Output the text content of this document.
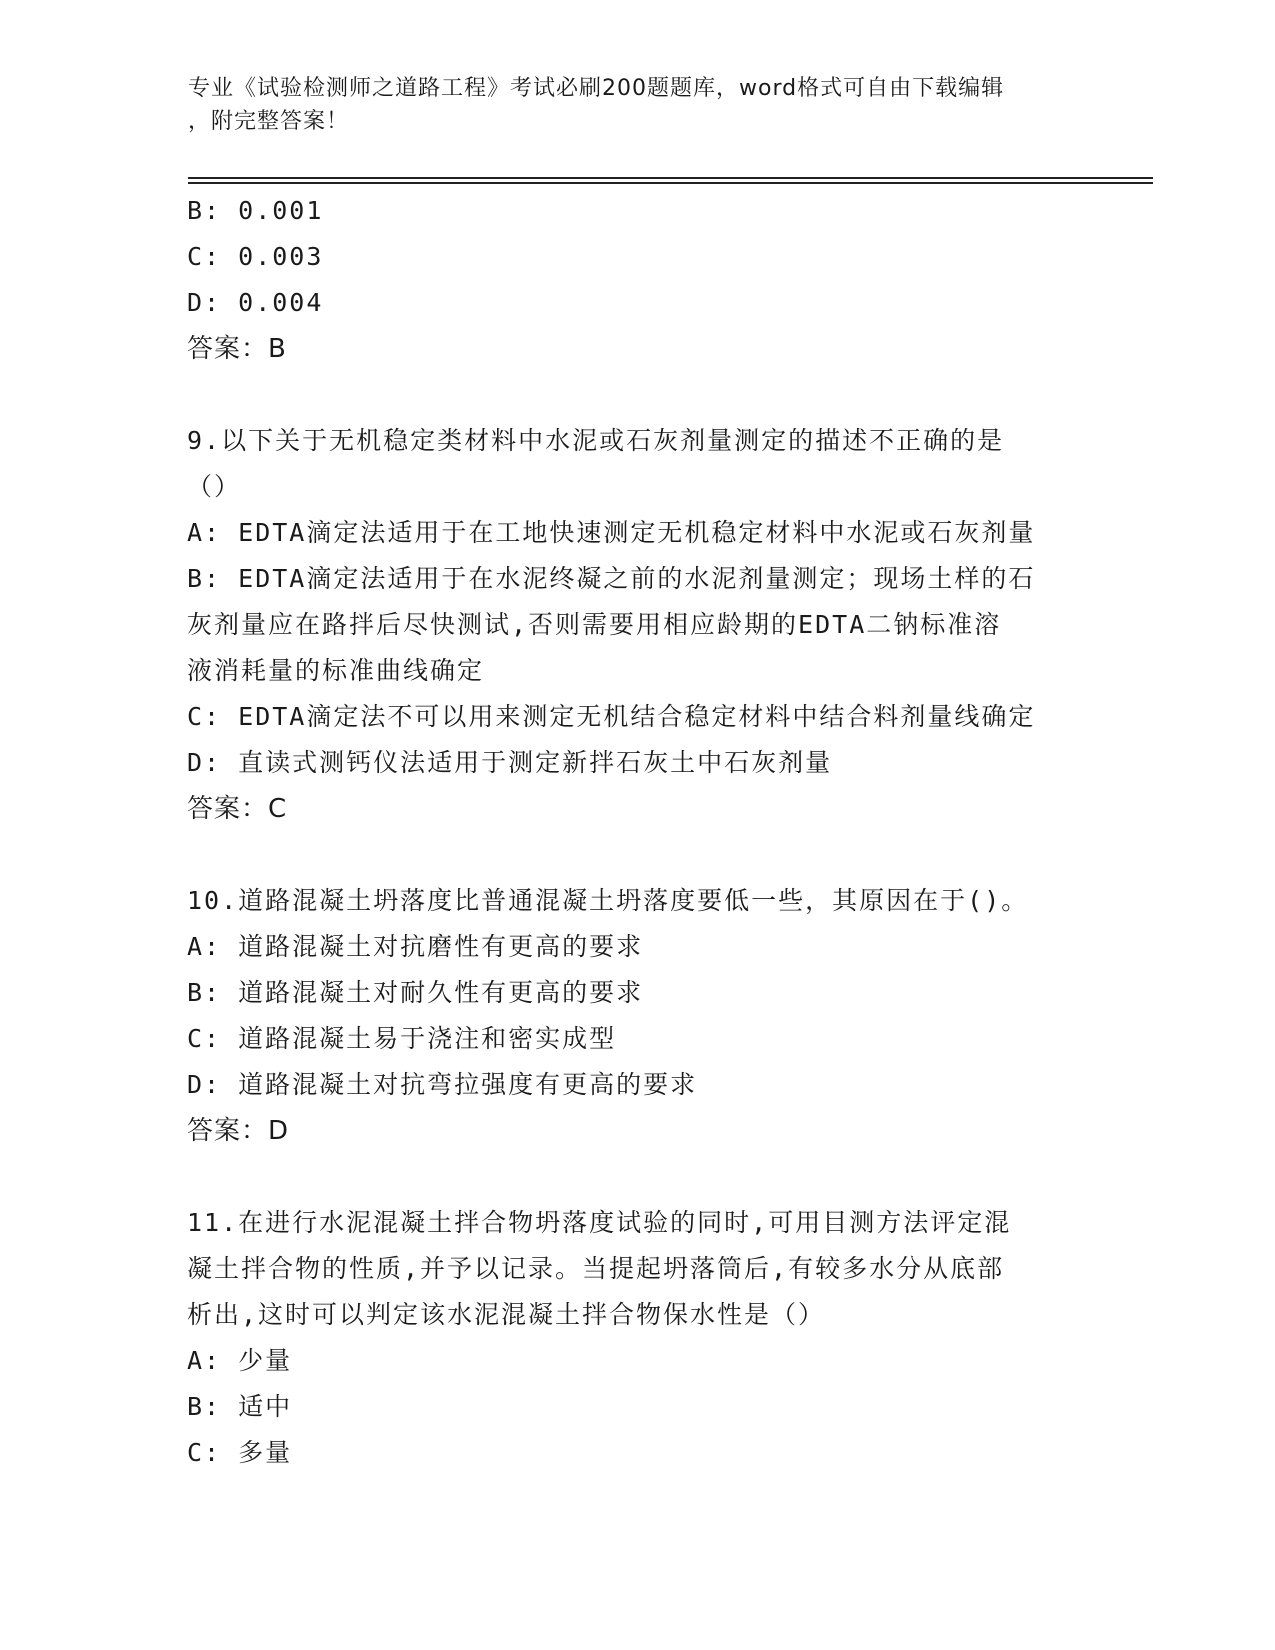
专业《试验检测师之道路工程》考试必刷200题题库，word格式可自由下载编辑
，附完整答案！
B: 0.001
C: 0.003
D: 0.004
答案：B
9.以下关于无机稳定类材料中水泥或石灰剂量测定的描述不正确的是
（）
A: EDTA滴定法适用于在工地快速测定无机稳定材料中水泥或石灰剂量
B: EDTA滴定法适用于在水泥终凝之前的水泥剂量测定；现场土样的石
灰剂量应在路拌后尽快测试,否则需要用相应龄期的EDTA二钠标准溶
液消耗量的标准曲线确定
C: EDTA滴定法不可以用来测定无机结合稳定材料中结合料剂量线确定
D: 直读式测钙仪法适用于测定新拌石灰土中石灰剂量
答案：C
10.道路混凝土坍落度比普通混凝土坍落度要低一些，其原因在于()。
A: 道路混凝土对抗磨性有更高的要求
B: 道路混凝土对耐久性有更高的要求
C: 道路混凝土易于浇注和密实成型
D: 道路混凝土对抗弯拉强度有更高的要求
答案：D
11.在进行水泥混凝土拌合物坍落度试验的同时,可用目测方法评定混
凝土拌合物的性质,并予以记录。当提起坍落筒后,有较多水分从底部
析出,这时可以判定该水泥混凝土拌合物保水性是（）
A: 少量
B: 适中
C: 多量
